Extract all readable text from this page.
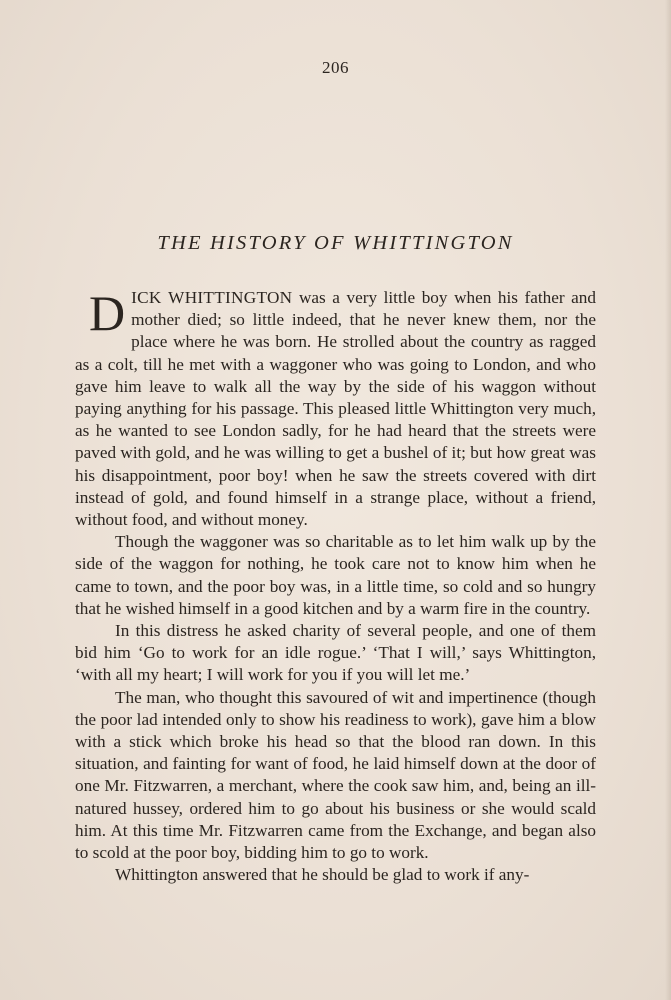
206
THE HISTORY OF WHITTINGTON

DICK WHITTINGTON was a very little boy when his father and mother died; so little indeed, that he never knew them, nor the place where he was born. He strolled about the country as ragged as a colt, till he met with a waggoner who was going to London, and who gave him leave to walk all the way by the side of his waggon without paying anything for his passage. This pleased little Whittington very much, as he wanted to see London sadly, for he had heard that the streets were paved with gold, and he was willing to get a bushel of it; but how great was his disappointment, poor boy! when he saw the streets covered with dirt instead of gold, and found himself in a strange place, without a friend, without food, and without money.

Though the waggoner was so charitable as to let him walk up by the side of the waggon for nothing, he took care not to know him when he came to town, and the poor boy was, in a little time, so cold and so hungry that he wished himself in a good kitchen and by a warm fire in the country.

In this distress he asked charity of several people, and one of them bid him ‘Go to work for an idle rogue.’ ‘That I will,’ says Whittington, ‘with all my heart; I will work for you if you will let me.’

The man, who thought this savoured of wit and impertinence (though the poor lad intended only to show his readiness to work), gave him a blow with a stick which broke his head so that the blood ran down. In this situation, and fainting for want of food, he laid himself down at the door of one Mr. Fitzwarren, a merchant, where the cook saw him, and, being an ill-natured hussey, ordered him to go about his business or she would scald him. At this time Mr. Fitzwarren came from the Exchange, and began also to scold at the poor boy, bidding him to go to work.

Whittington answered that he should be glad to work if any-
